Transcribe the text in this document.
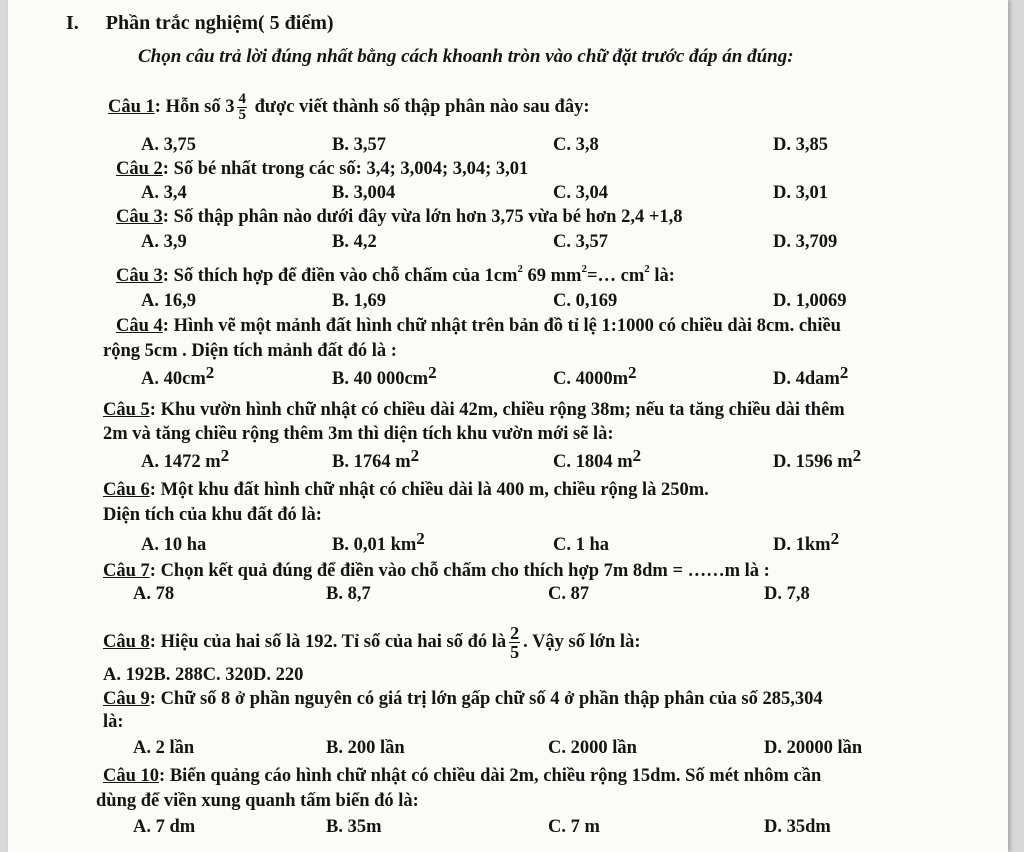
I. Phần trắc nghiệm( 5 điểm)
Chọn câu trả lời đúng nhất bằng cách khoanh tròn vào chữ đặt trước đáp án đúng:
Câu 1: Hỗn số $3 \frac{4}{5}$ được viết thành số thập phân nào sau đây:
A. 3,75	B. 3,57	C. 3,8	D. 3,85
Câu 2: Số bé nhất trong các số: 3,4; 3,004; 3,04; 3,01
A. 3,4	B. 3,004	C. 3,04	D. 3,01
Câu 3: Số thập phân nào dưới đây vừa lớn hơn 3,75 vừa bé hơn 2,4 +1,8
A. 3,9	B. 4,2	C. 3,57	D. 3,709
Câu 3: Số thích hợp để điền vào chỗ chấm của $1cm^2$ 69 $mm^2=\dots$ $cm^2$ là:
A. 16,9	B. 1,69	C. 0,169	D. 1,0069
Câu 4: Hình vẽ một mảnh đất hình chữ nhật trên bản đồ tỉ lệ 1:1000 có chiều dài 8cm. chiều
rộng 5cm . Diện tích mảnh đất đó là :
A. 40cm2	B. 40 000cm2	C. 4000m2	D. 4dam2
Câu 5: Khu vườn hình chữ nhật có chiều dài 42m, chiều rộng 38m; nếu ta tăng chiều dài thêm
2m và tăng chiều rộng thêm 3m thì diện tích khu vườn mới sẽ là:
A. 1472 m2	B. 1764 m2	C. 1804 m2	D. 1596 m2
Câu 6: Một khu đất hình chữ nhật có chiều dài là 400 m, chiều rộng là 250m.
Diện tích của khu đất đó là:
A. 10 ha	B. 0,01 km2	C. 1 ha	D. 1km2
Câu 7: Chọn kết quả đúng để điền vào chỗ chấm cho thích hợp 7m 8dm = ……m là :
A. 78	B. 8,7	C. 87	D. 7,8
Câu 8: Hiệu của hai số là 192. Tỉ số của hai số đó là $\frac{2}{5}$ . Vậy số lớn là:
A. 192B. 288C. 320D. 220
Câu 9: Chữ số 8 ở phần nguyên có giá trị lớn gấp chữ số 4 ở phần thập phân của số 285,304
là:
A. 2 lần	B. 200 lần	C. 2000 lần	D. 20000 lần
Câu 10: Biển quảng cáo hình chữ nhật có chiều dài 2m, chiều rộng 15dm. Số mét nhôm cần
dùng để viền xung quanh tấm biển đó là:
A. 7 dm	B. 35m	C. 7 m	D. 35dm
